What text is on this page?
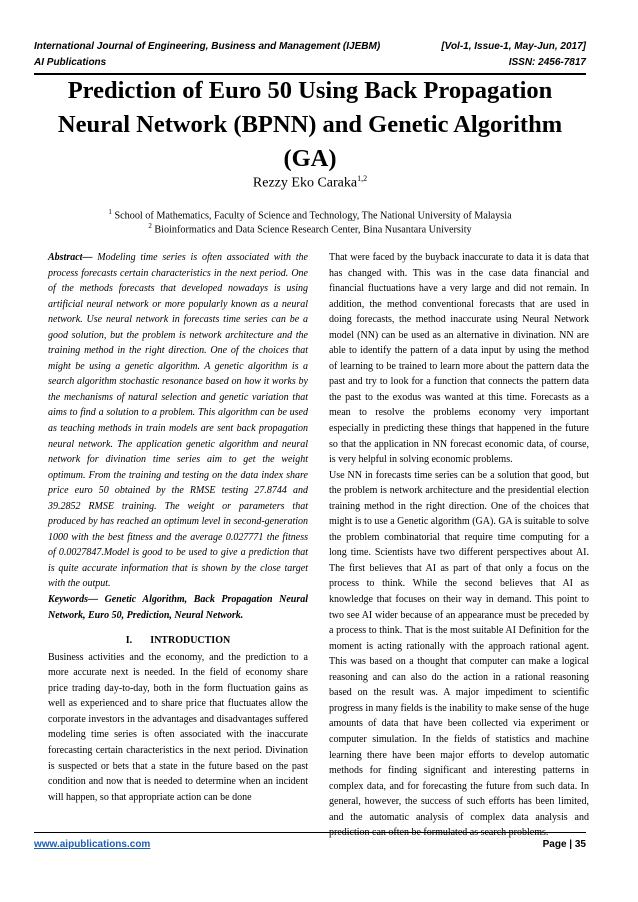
International Journal of Engineering, Business and Management (IJEBM)	[Vol-1, Issue-1, May-Jun, 2017]
AI Publications	ISSN: 2456-7817
Prediction of Euro 50 Using Back Propagation Neural Network (BPNN) and Genetic Algorithm (GA)
Rezzy Eko Caraka$^{1,2}$
$^1$ School of Mathematics, Faculty of Science and Technology, The National University of Malaysia
$^2$ Bioinformatics and Data Science Research Center, Bina Nusantara University

Abstract— Modeling time series is often associated with the process forecasts certain characteristics in the next period. One of the methods forecasts that developed nowadays is using artificial neural network or more popularly known as a neural network. Use neural network in forecasts time series can be a good solution, but the problem is network architecture and the training method in the right direction. One of the choices that might be using a genetic algorithm. A genetic algorithm is a search algorithm stochastic resonance based on how it works by the mechanisms of natural selection and genetic variation that aims to find a solution to a problem. This algorithm can be used as teaching methods in train models are sent back propagation neural network. The application genetic algorithm and neural network for divination time series aim to get the weight optimum. From the training and testing on the data index share price euro 50 obtained by the RMSE testing 27.8744 and 39.2852 RMSE training. The weight or parameters that produced by has reached an optimum level in second-generation 1000 with the best fitness and the average 0.027771 the fitness of 0.0027847.Model is good to be used to give a prediction that is quite accurate information that is shown by the close target with the output.

Keywords— Genetic Algorithm, Back Propagation Neural Network, Euro 50, Prediction, Neural Network.

I. INTRODUCTION

Business activities and the economy, and the prediction to a more accurate next is needed. In the field of economy share price trading day-to-day, both in the form fluctuation gains as well as experienced and to share price that fluctuates allow the corporate investors in the advantages and disadvantages suffered modeling time series is often associated with the inaccurate forecasting certain characteristics in the next period. Divination is suspected or bets that a state in the future based on the past condition and now that is needed to determine when an incident will happen, so that appropriate action can be done

That were faced by the buyback inaccurate to data it is data that has changed with. This was in the case data financial and financial fluctuations have a very large and did not remain. In addition, the method conventional forecasts that are used in doing forecasts, the method inaccurate using Neural Network model (NN) can be used as an alternative in divination. NN are able to identify the pattern of a data input by using the method of learning to be trained to learn more about the pattern data the past and try to look for a function that connects the pattern data the past to the exodus was wanted at this time. Forecasts as a mean to resolve the problems economy very important especially in predicting these things that happened in the future so that the application in NN forecast economic data, of course, is very helpful in solving economic problems.

Use NN in forecasts time series can be a solution that good, but the problem is network architecture and the presidential election training method in the right direction. One of the choices that might is to use a Genetic algorithm (GA). GA is suitable to solve the problem combinatorial that require time computing for a long time. Scientists have two different perspectives about AI. The first believes that AI as part of that only a focus on the process to think. While the second believes that AI as knowledge that focuses on their way in demand. This point to two see AI wider because of an appearance must be preceded by a process to think. That is the most suitable AI Definition for the moment is acting rationally with the approach rational agent. This was based on a thought that computer can make a logical reasoning and can also do the action in a rational reasoning based on the result was. A major impediment to scientific progress in many fields is the inability to make sense of the huge amounts of data that have been collected via experiment or computer simulation. In the fields of statistics and machine learning there have been major efforts to develop automatic methods for finding significant and interesting patterns in complex data, and for forecasting the future from such data. In general, however, the success of such efforts has been limited, and the automatic analysis of complex data analysis and

www.aipublications.com	Page | 35
